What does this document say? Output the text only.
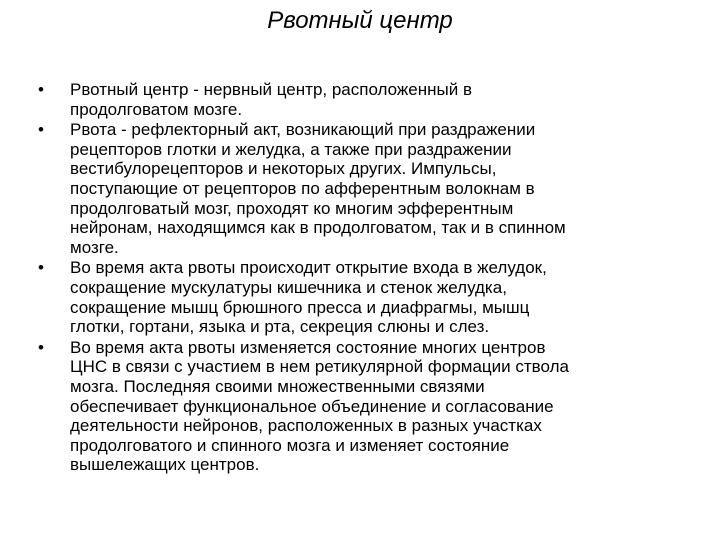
Рвотный центр
•	Рвотный центр - нервный центр, расположенный в
продолговатом мозге.
•	Рвота - рефлекторный акт, возникающий при раздражении
рецепторов глотки и желудка, а также при раздражении
вестибулорецепторов и некоторых других. Импульсы,
поступающие от рецепторов по афферентным волокнам в
продолговатый мозг, проходят ко многим эфферентным
нейронам, находящимся как в продолговатом, так и в спинном
мозге.
•	Во время акта рвоты происходит открытие входа в желудок,
сокращение мускулатуры кишечника и стенок желудка,
сокращение мышц брюшного пресса и диафрагмы, мышц
глотки, гортани, языка и рта, секреция слюны и слез.
•	Во время акта рвоты изменяется состояние многих центров
ЦНС в связи с участием в нем ретикулярной формации ствола
мозга. Последняя своими множественными связями
обеспечивает функциональное объединение и согласование
деятельности нейронов, расположенных в разных участках
продолговатого и спинного мозга и изменяет состояние
вышележащих центров.
